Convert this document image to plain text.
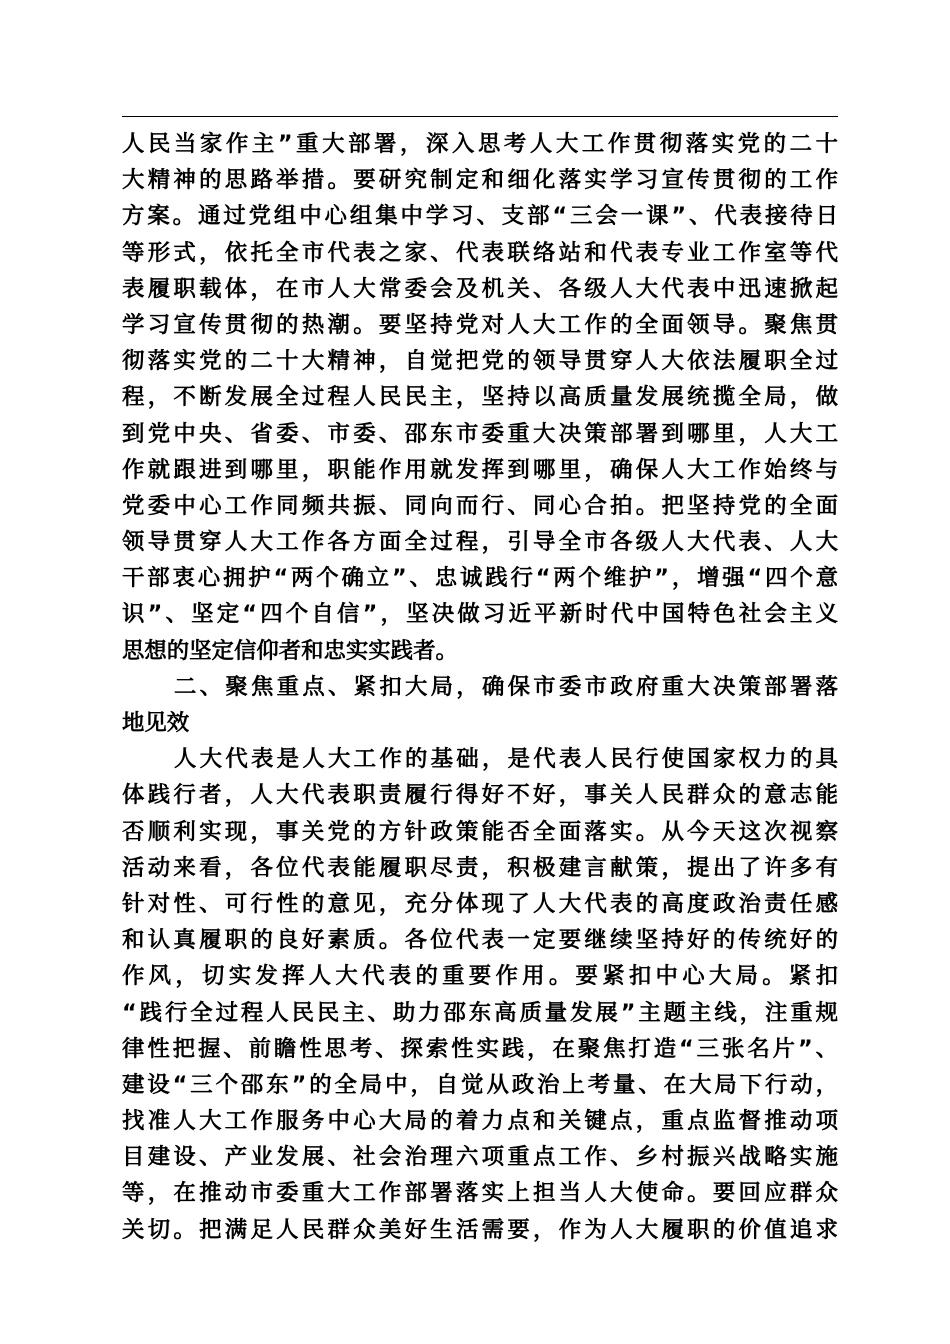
人民当家作主”重大部署，深入思考人大工作贯彻落实党的二十
大精神的思路举措。要研究制定和细化落实学习宣传贯彻的工作
方案。通过党组中心组集中学习、支部“三会一课”、代表接待日
等形式，依托全市代表之家、代表联络站和代表专业工作室等代
表履职载体，在市人大常委会及机关、各级人大代表中迅速掀起
学习宣传贯彻的热潮。要坚持党对人大工作的全面领导。聚焦贯
彻落实党的二十大精神，自觉把党的领导贯穿人大依法履职全过
程，不断发展全过程人民民主，坚持以高质量发展统揽全局，做
到党中央、省委、市委、邵东市委重大决策部署到哪里，人大工
作就跟进到哪里，职能作用就发挥到哪里，确保人大工作始终与
党委中心工作同频共振、同向而行、同心合拍。把坚持党的全面
领导贯穿人大工作各方面全过程，引导全市各级人大代表、人大
干部衷心拥护“两个确立”、忠诚践行“两个维护”，增强“四个意
识”、坚定“四个自信”，坚决做习近平新时代中国特色社会主义
思想的坚定信仰者和忠实实践者。
二、聚焦重点、紧扣大局，确保市委市政府重大决策部署落
地见效
人大代表是人大工作的基础，是代表人民行使国家权力的具
体践行者，人大代表职责履行得好不好，事关人民群众的意志能
否顺利实现，事关党的方针政策能否全面落实。从今天这次视察
活动来看，各位代表能履职尽责，积极建言献策，提出了许多有
针对性、可行性的意见，充分体现了人大代表的高度政治责任感
和认真履职的良好素质。各位代表一定要继续坚持好的传统好的
作风，切实发挥人大代表的重要作用。要紧扣中心大局。紧扣
“践行全过程人民民主、助力邵东高质量发展”主题主线，注重规
律性把握、前瞻性思考、探索性实践，在聚焦打造“三张名片”、
建设“三个邵东”的全局中，自觉从政治上考量、在大局下行动，
找准人大工作服务中心大局的着力点和关键点，重点监督推动项
目建设、产业发展、社会治理六项重点工作、乡村振兴战略实施
等，在推动市委重大工作部署落实上担当人大使命。要回应群众
关切。把满足人民群众美好生活需要，作为人大履职的价值追求
